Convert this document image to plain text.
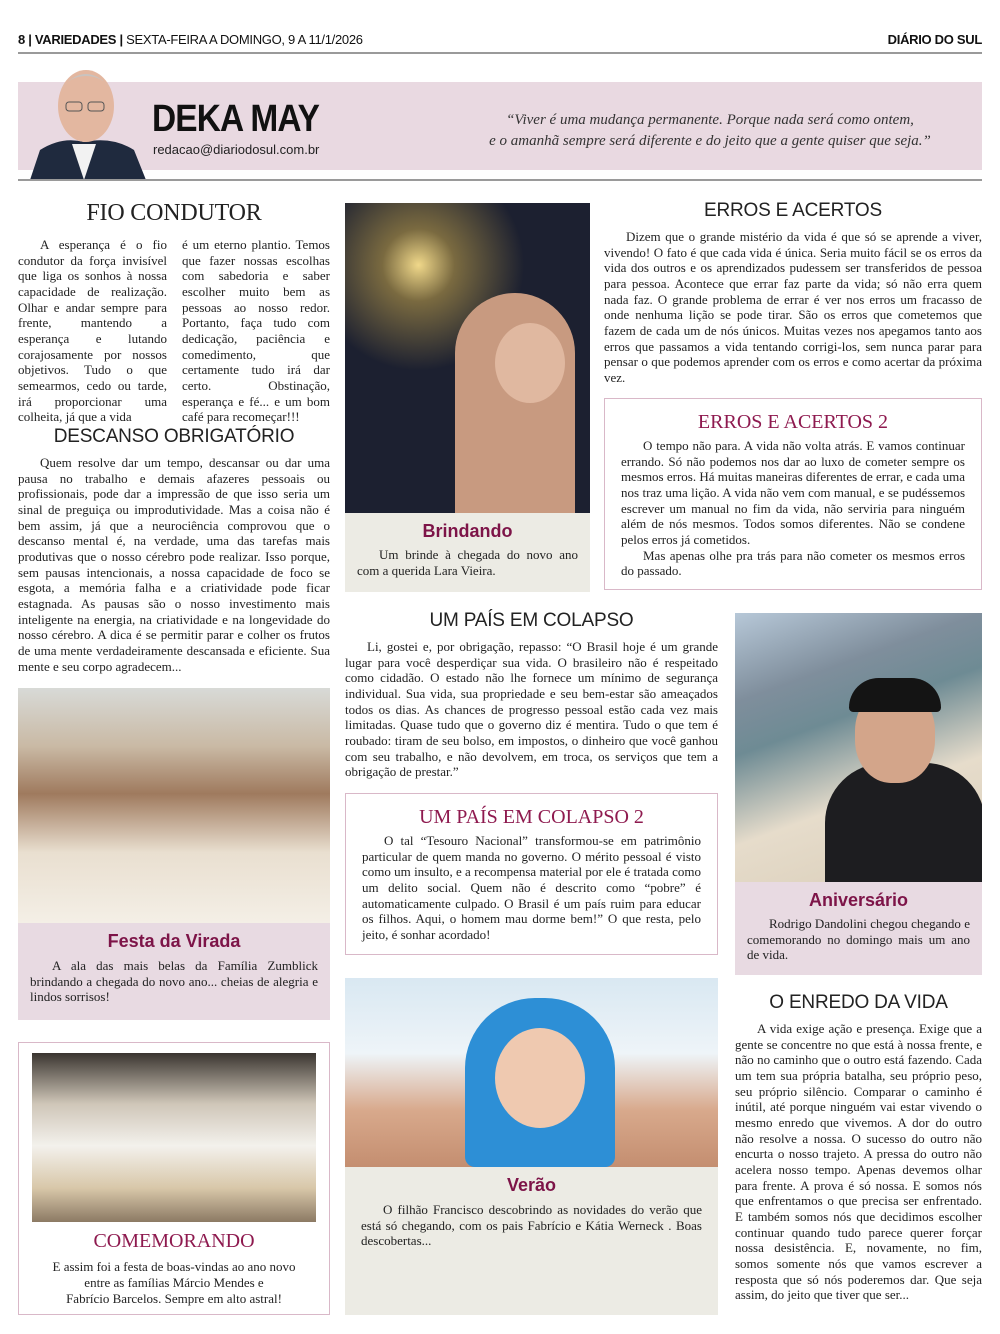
8 | VARIEDADES | SEXTA-FEIRA A DOMINGO, 9 A 11/1/2026	DIÁRIO DO SUL
DEKA MAY
redacao@diariodosul.com.br
“Viver é uma mudança permanente. Porque nada será como ontem,
e o amanhã sempre será diferente e do jeito que a gente quiser que seja.”
FIO CONDUTOR

A esperança é o fio condutor da força invisível que liga os sonhos à nossa capacidade de realização. Olhar e andar sempre para frente, mantendo a esperança e lutando corajosamente por nossos objetivos. Tudo o que semearmos, cedo ou tarde, irá proporcionar uma colheita, já que a vida

é um eterno plantio. Temos que fazer nossas escolhas com sabedoria e saber escolher muito bem as pessoas ao nosso redor. Portanto, faça tudo com dedicação, paciência e comedimento, que certamente tudo irá dar certo. Obstinação, esperança e fé... e um bom café para recomeçar!!!
DESCANSO OBRIGATÓRIO

Quem resolve dar um tempo, descansar ou dar uma pausa no trabalho e demais afazeres pessoais ou profissionais, pode dar a impressão de que isso seria um sinal de preguiça ou improdutividade. Mas a coisa não é bem assim, já que a neurociência comprovou que o descanso mental é, na verdade, uma das tarefas mais produtivas que o nosso cérebro pode realizar. Isso porque, sem pausas intencionais, a nossa capacidade de foco se esgota, a memória falha e a criatividade pode ficar estagnada. As pausas são o nosso investimento mais inteligente na energia, na criatividade e na longevidade do nosso cérebro. A dica é se permitir parar e colher os frutos de uma mente verdadeiramente descansada e eficiente. Sua mente e seu corpo agradecem...

Festa da Virada

A ala das mais belas da Família Zumblick brindando a chegada do novo ano... cheias de alegria e lindos sorrisos!

COMEMORANDO
E assim foi a festa de boas-vindas ao ano novo
entre as famílias Márcio Mendes e
Fabrício Barcelos. Sempre em alto astral!
Brindando

Um brinde à chegada do novo ano com a querida Lara Vieira.

ERROS E ACERTOS

Dizem que o grande mistério da vida é que só se aprende a viver, vivendo! O fato é que cada vida é única. Seria muito fácil se os erros da vida dos outros e os aprendizados pudessem ser transferidos de pessoa para pessoa. Acontece que errar faz parte da vida; só não erra quem nada faz. O grande problema de errar é ver nos erros um fracasso de onde nenhuma lição se pode tirar. São os erros que cometemos que fazem de cada um de nós únicos. Muitas vezes nos apegamos tanto aos erros que passamos a vida tentando corrigi-los, sem nunca parar para pensar o que podemos aprender com os erros e como acertar da próxima vez.

ERROS E ACERTOS 2

O tempo não para. A vida não volta atrás. E vamos continuar errando. Só não podemos nos dar ao luxo de cometer sempre os mesmos erros. Há muitas maneiras diferentes de errar, e cada uma nos traz uma lição. A vida não vem com manual, e se pudéssemos escrever um manual no fim da vida, não serviria para ninguém além de nós mesmos. Todos somos diferentes. Não se condene pelos erros já cometidos.

Mas apenas olhe pra trás para não cometer os mesmos erros do passado.

UM PAÍS EM COLAPSO

Li, gostei e, por obrigação, repasso: “O Brasil hoje é um grande lugar para você desperdiçar sua vida. O brasileiro não é respeitado como cidadão. O estado não lhe fornece um mínimo de segurança individual. Sua vida, sua propriedade e seu bem-estar são ameaçados todos os dias. As chances de progresso pessoal estão cada vez mais limitadas. Quase tudo que o governo diz é mentira. Tudo o que tem é roubado: tiram de seu bolso, em impostos, o dinheiro que você ganhou com seu trabalho, e não devolvem, em troca, os serviços que tem a obrigação de prestar.”

UM PAÍS EM COLAPSO 2

O tal “Tesouro Nacional” transformou-se em patrimônio particular de quem manda no governo. O mérito pessoal é visto como um insulto, e a recompensa material por ele é tratada como um delito social. Quem não é descrito como “pobre” é automaticamente culpado. O Brasil é um país ruim para educar os filhos. Aqui, o homem mau dorme bem!” O que resta, pelo jeito, é sonhar acordado!

Verão

O filhão Francisco descobrindo as novidades do verão que está só chegando, com os pais Fabrício e Kátia Werneck . Boas descobertas...

Aniversário

Rodrigo Dandolini chegou chegando e comemorando no domingo mais um ano de vida.

O ENREDO DA VIDA

A vida exige ação e presença. Exige que a gente se concentre no que está à nossa frente, e não no caminho que o outro está fazendo. Cada um tem sua própria batalha, seu próprio peso, seu próprio silêncio. Comparar o caminho é inútil, até porque ninguém vai estar vivendo o mesmo enredo que vivemos. A dor do outro não resolve a nossa. O sucesso do outro não encurta o nosso trajeto. A pressa do outro não acelera nosso tempo. Apenas devemos olhar para frente. A prova é só nossa. E somos nós que enfrentamos o que precisa ser enfrentado. E também somos nós que decidimos escolher continuar quando tudo parece querer forçar nossa desistência. E, novamente, no fim, somos somente nós que vamos escrever a resposta que só nós poderemos dar. Que seja assim, do jeito que tiver que ser...
